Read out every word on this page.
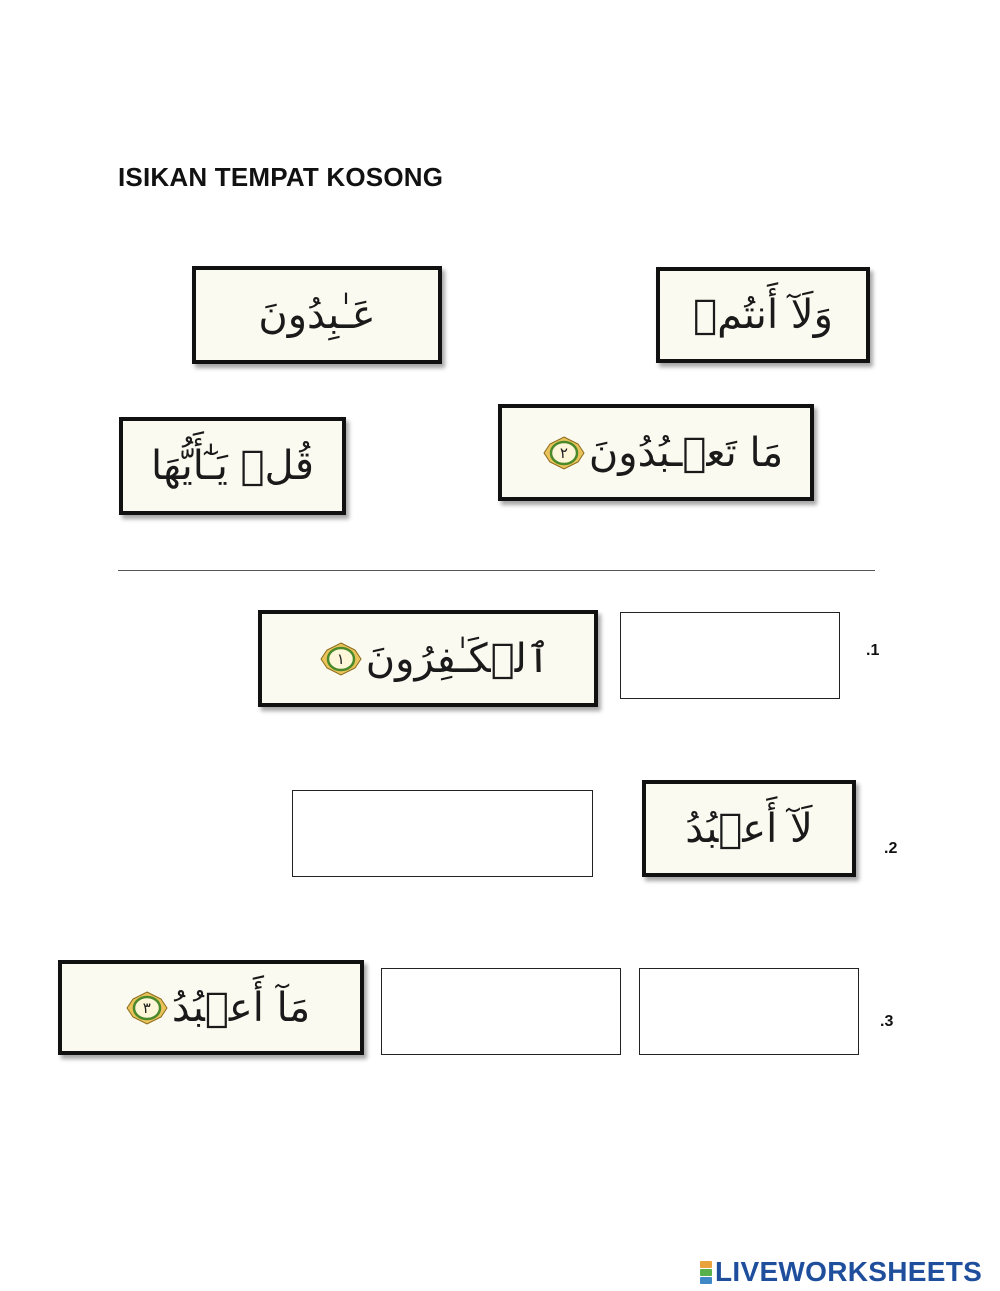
ISIKAN TEMPAT KOSONG
عَـٰبِدُونَ	وَلَآ أَنتُمۡ
قُلۡ يَـٰٓأَيُّهَا	مَا تَعۡـبُدُونَ
٢
ٱلۡكَـٰفِرُونَ
١	.1
لَآ أَعۡبُدُ	.2
مَآ أَعۡبُدُ
٣
.3
LIVEWORKSHEETS
